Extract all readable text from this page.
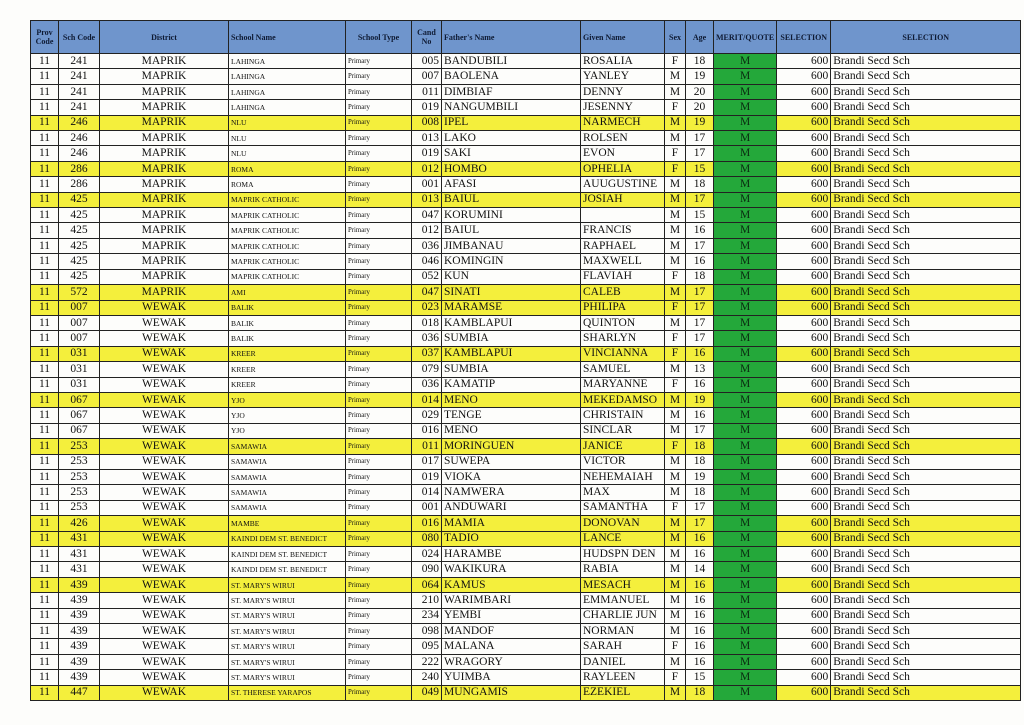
Prov Code	Sch Code	District	School Name	School Type	Cand No	Father's Name	Given Name	Sex	Age	MERIT/QUOTE	SELECTION	SELECTION
11	241	MAPRIK	LAHINGA	Primary	005	BANDUBILI	ROSALIA	F	18	M	600	Brandi Secd Sch
11	241	MAPRIK	LAHINGA	Primary	007	BAOLENA	YANLEY	M	19	M	600	Brandi Secd Sch
11	241	MAPRIK	LAHINGA	Primary	011	DIMBIAF	DENNY	M	20	M	600	Brandi Secd Sch
11	241	MAPRIK	LAHINGA	Primary	019	NANGUMBILI	JESENNY	F	20	M	600	Brandi Secd Sch
11	246	MAPRIK	NLU	Primary	008	IPEL	NARMECH	M	19	M	600	Brandi Secd Sch
11	246	MAPRIK	NLU	Primary	013	LAKO	ROLSEN	M	17	M	600	Brandi Secd Sch
11	246	MAPRIK	NLU	Primary	019	SAKI	EVON	F	17	M	600	Brandi Secd Sch
11	286	MAPRIK	ROMA	Primary	012	HOMBO	OPHELIA	F	15	M	600	Brandi Secd Sch
11	286	MAPRIK	ROMA	Primary	001	AFASI	AUUGUSTINE	M	18	M	600	Brandi Secd Sch
11	425	MAPRIK	MAPRIK CATHOLIC	Primary	013	BAIUL	JOSIAH	M	17	M	600	Brandi Secd Sch
11	425	MAPRIK	MAPRIK CATHOLIC	Primary	047	KORUMINI		M	15	M	600	Brandi Secd Sch
11	425	MAPRIK	MAPRIK CATHOLIC	Primary	012	BAIUL	FRANCIS	M	16	M	600	Brandi Secd Sch
11	425	MAPRIK	MAPRIK CATHOLIC	Primary	036	JIMBANAU	RAPHAEL	M	17	M	600	Brandi Secd Sch
11	425	MAPRIK	MAPRIK CATHOLIC	Primary	046	KOMINGIN	MAXWELL	M	16	M	600	Brandi Secd Sch
11	425	MAPRIK	MAPRIK CATHOLIC	Primary	052	KUN	FLAVIAH	F	18	M	600	Brandi Secd Sch
11	572	MAPRIK	AMI	Primary	047	SINATI	CALEB	M	17	M	600	Brandi Secd Sch
11	007	WEWAK	BALIK	Primary	023	MARAMSE	PHILIPA	F	17	M	600	Brandi Secd Sch
11	007	WEWAK	BALIK	Primary	018	KAMBLAPUI	QUINTON	M	17	M	600	Brandi Secd Sch
11	007	WEWAK	BALIK	Primary	036	SUMBIA	SHARLYN	F	17	M	600	Brandi Secd Sch
11	031	WEWAK	KREER	Primary	037	KAMBLAPUI	VINCIANNA	F	16	M	600	Brandi Secd Sch
11	031	WEWAK	KREER	Primary	079	SUMBIA	SAMUEL	M	13	M	600	Brandi Secd Sch
11	031	WEWAK	KREER	Primary	036	KAMATIP	MARYANNE	F	16	M	600	Brandi Secd Sch
11	067	WEWAK	YJO	Primary	014	MENO	MEKEDAMSO	M	19	M	600	Brandi Secd Sch
11	067	WEWAK	YJO	Primary	029	TENGE	CHRISTAIN	M	16	M	600	Brandi Secd Sch
11	067	WEWAK	YJO	Primary	016	MENO	SINCLAR	M	17	M	600	Brandi Secd Sch
11	253	WEWAK	SAMAWIA	Primary	011	MORINGUEN	JANICE	F	18	M	600	Brandi Secd Sch
11	253	WEWAK	SAMAWIA	Primary	017	SUWEPA	VICTOR	M	18	M	600	Brandi Secd Sch
11	253	WEWAK	SAMAWIA	Primary	019	VIOKA	NEHEMAIAH	M	19	M	600	Brandi Secd Sch
11	253	WEWAK	SAMAWIA	Primary	014	NAMWERA	MAX	M	18	M	600	Brandi Secd Sch
11	253	WEWAK	SAMAWIA	Primary	001	ANDUWARI	SAMANTHA	F	17	M	600	Brandi Secd Sch
11	426	WEWAK	MAMBE	Primary	016	MAMIA	DONOVAN	M	17	M	600	Brandi Secd Sch
11	431	WEWAK	KAINDI DEM ST. BENEDICT	Primary	080	TADIO	LANCE	M	16	M	600	Brandi Secd Sch
11	431	WEWAK	KAINDI DEM ST. BENEDICT	Primary	024	HARAMBE	HUDSPN DEN	M	16	M	600	Brandi Secd Sch
11	431	WEWAK	KAINDI DEM ST. BENEDICT	Primary	090	WAKIKURA	RABIA	M	14	M	600	Brandi Secd Sch
11	439	WEWAK	ST. MARY'S WIRUI	Primary	064	KAMUS	MESACH	M	16	M	600	Brandi Secd Sch
11	439	WEWAK	ST. MARY'S WIRUI	Primary	210	WARIMBARI	EMMANUEL	M	16	M	600	Brandi Secd Sch
11	439	WEWAK	ST. MARY'S WIRUI	Primary	234	YEMBI	CHARLIE JUN	M	16	M	600	Brandi Secd Sch
11	439	WEWAK	ST. MARY'S WIRUI	Primary	098	MANDOF	NORMAN	M	16	M	600	Brandi Secd Sch
11	439	WEWAK	ST. MARY'S WIRUI	Primary	095	MALANA	SARAH	F	16	M	600	Brandi Secd Sch
11	439	WEWAK	ST. MARY'S WIRUI	Primary	222	WRAGORY	DANIEL	M	16	M	600	Brandi Secd Sch
11	439	WEWAK	ST. MARY'S WIRUI	Primary	240	YUIMBA	RAYLEEN	F	15	M	600	Brandi Secd Sch
11	447	WEWAK	ST. THERESE YARAPOS	Primary	049	MUNGAMIS	EZEKIEL	M	18	M	600	Brandi Secd Sch
